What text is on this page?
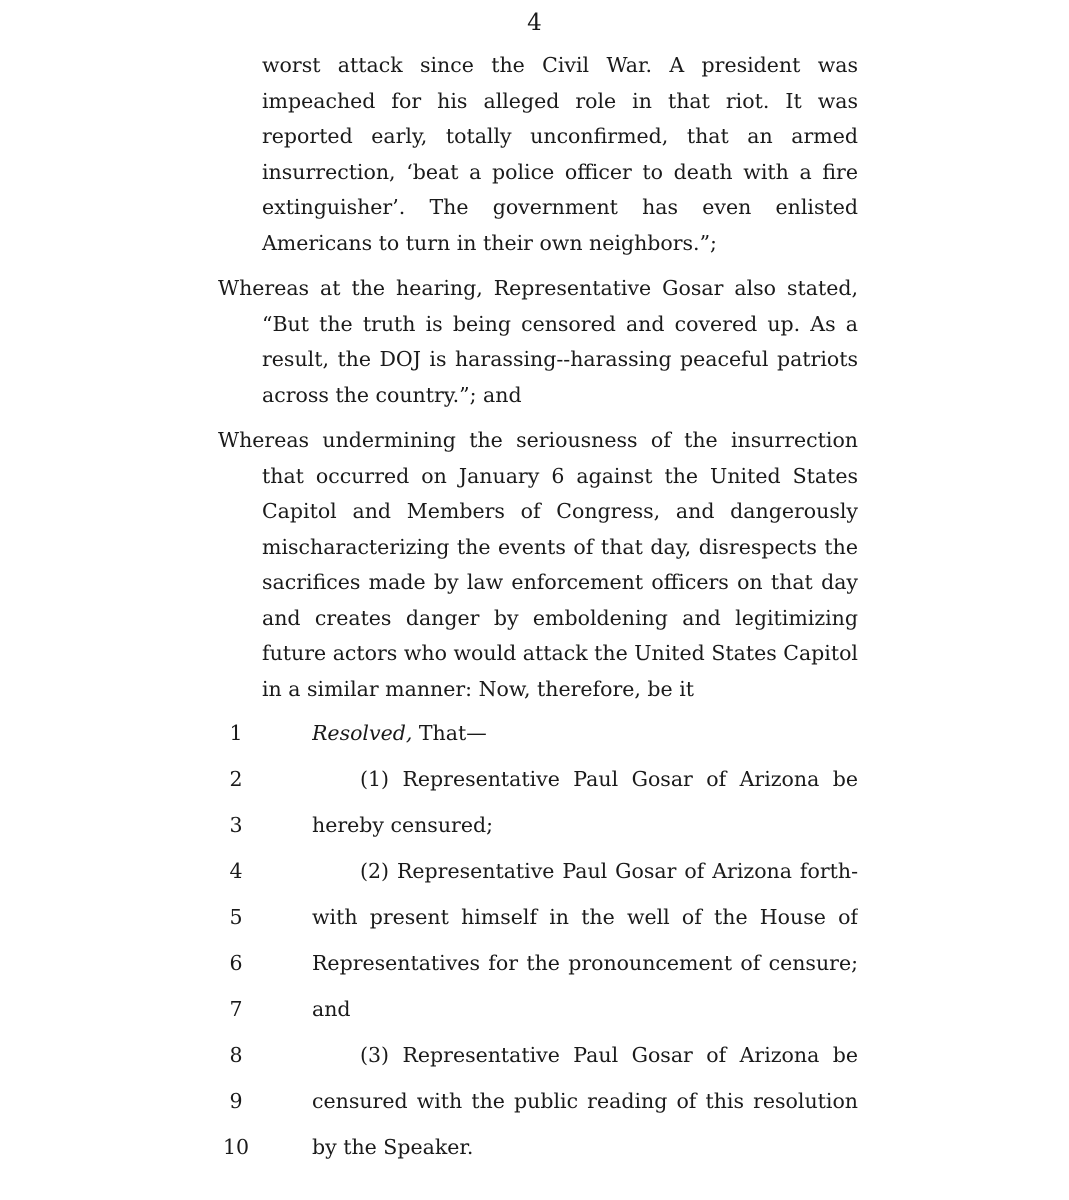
4

worst attack since the Civil War. A president was impeached for his alleged role in that riot. It was reported early, totally unconfirmed, that an armed insurrection, ‘beat a police officer to death with a fire extinguisher’. The government has even enlisted Americans to turn in their own neighbors.”;

Whereas at the hearing, Representative Gosar also stated, “But the truth is being censored and covered up. As a result, the DOJ is harassing--harassing peaceful patriots across the country.”; and

Whereas undermining the seriousness of the insurrection that occurred on January 6 against the United States Capitol and Members of Congress, and dangerously mischaracterizing the events of that day, disrespects the sacrifices made by law enforcement officers on that day and creates danger by emboldening and legitimizing future actors who would attack the United States Capitol in a similar manner: Now, therefore, be it

1	Resolved, That—
2	(1) Representative Paul Gosar of Arizona be
3	hereby censured;
4	(2) Representative Paul Gosar of Arizona forth-
5	with present himself in the well of the House of
6	Representatives for the pronouncement of censure;
7	and
8	(3) Representative Paul Gosar of Arizona be
9	censured with the public reading of this resolution
10	by the Speaker.
